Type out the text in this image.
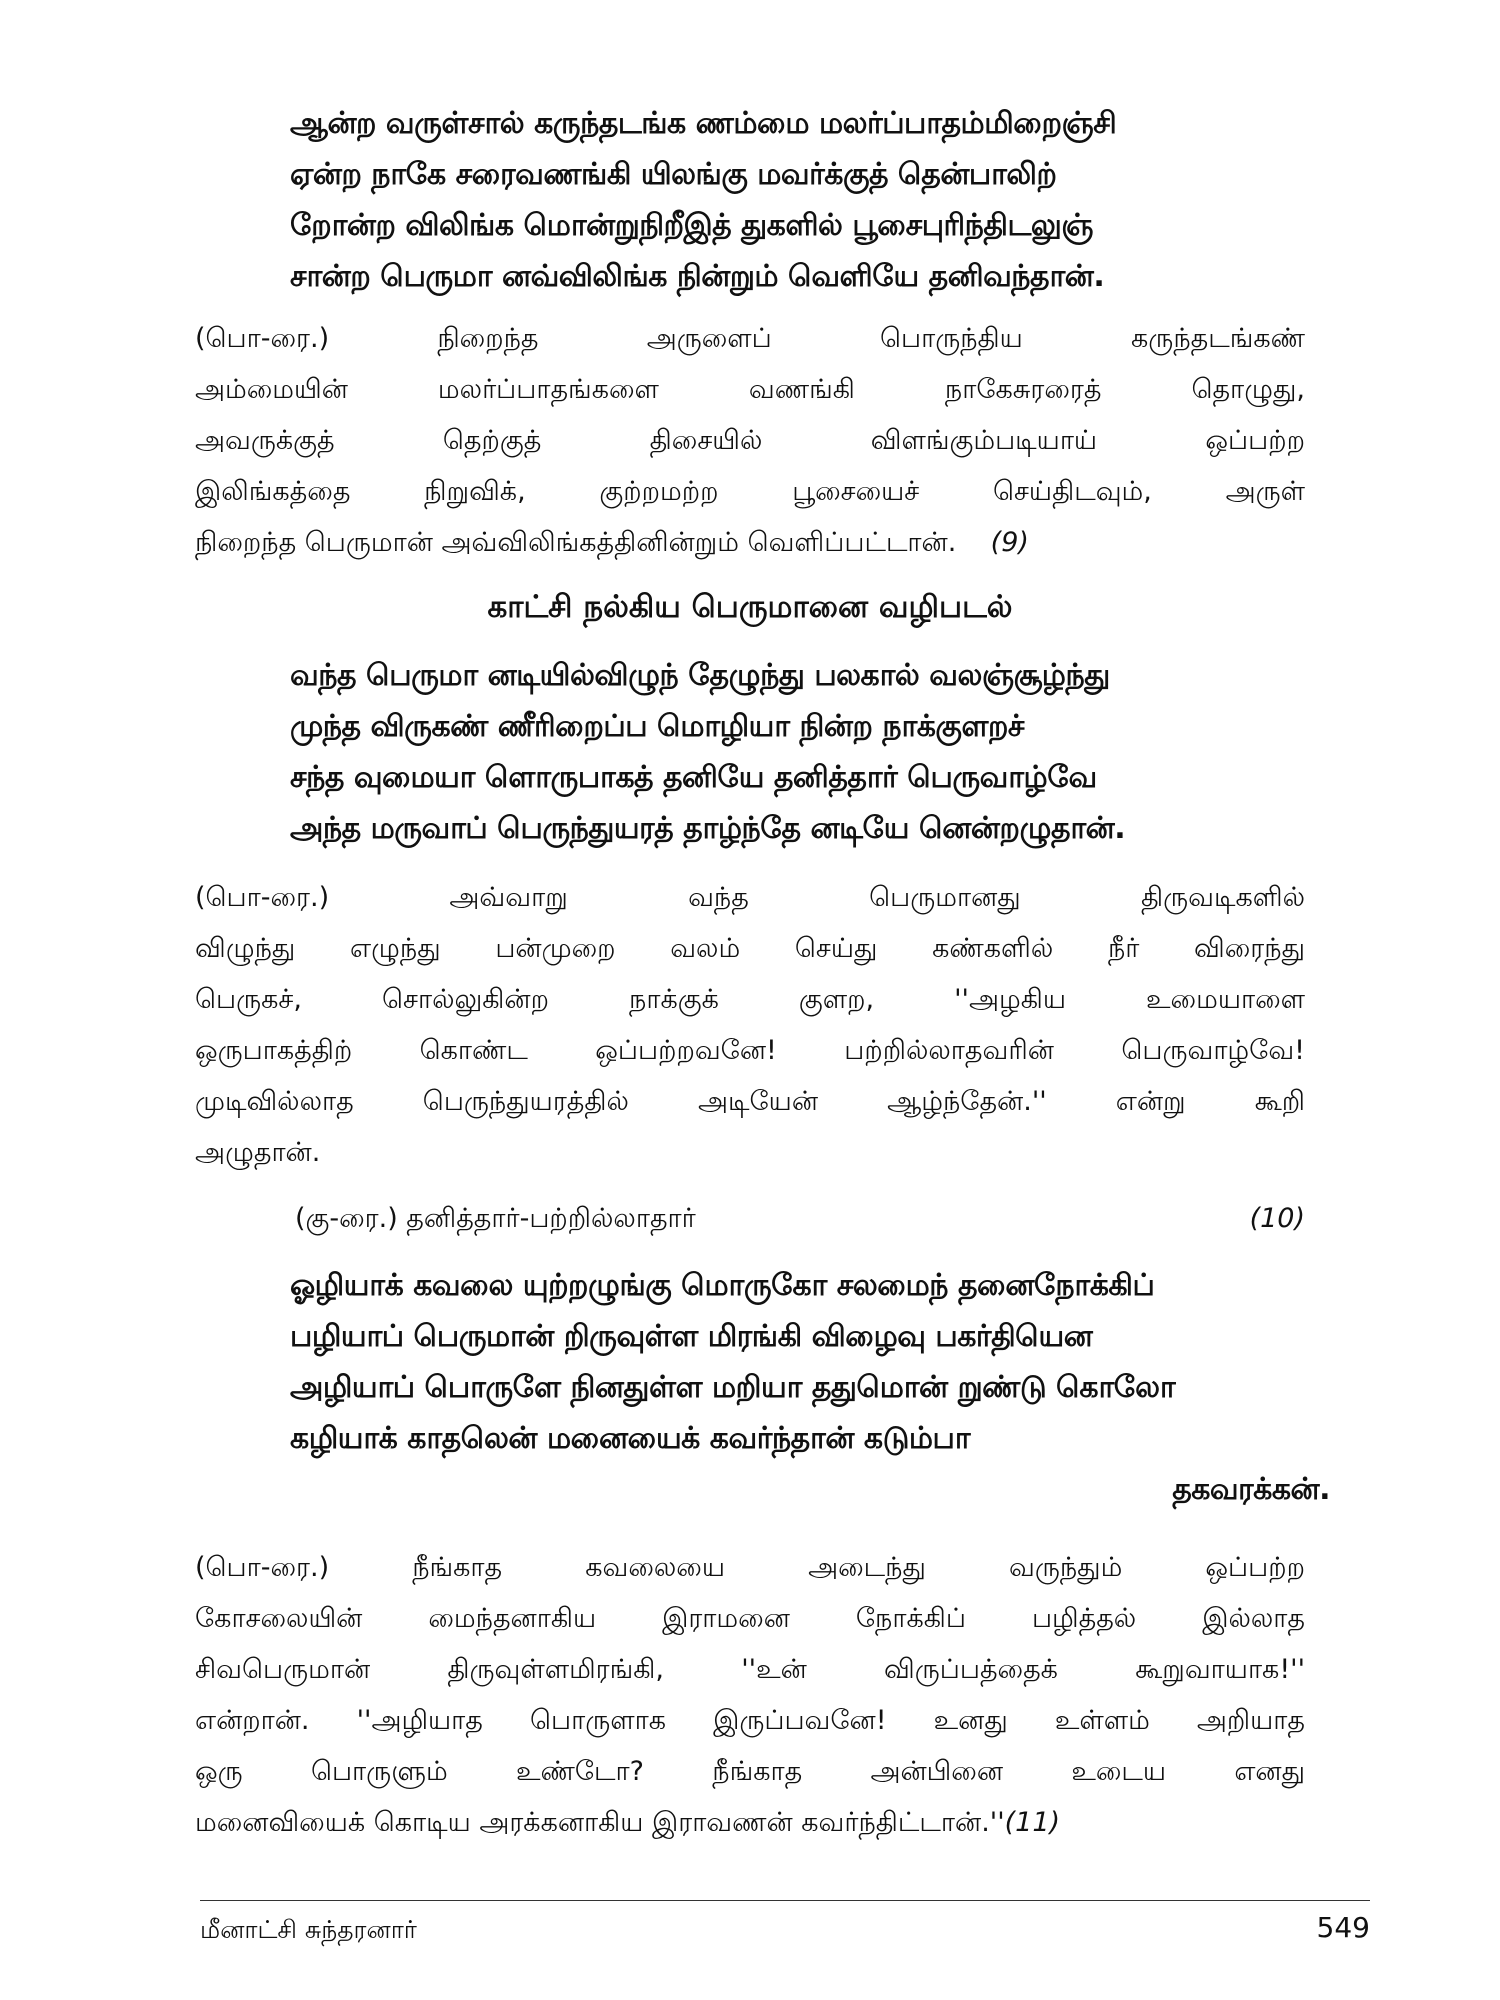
ஆன்ற வருள்சால் கருந்தடங்க ணம்மை மலர்ப்பாதம்மிறைஞ்சி
ஏன்ற நாகே சரைவணங்கி யிலங்கு மவர்க்குத் தென்பாலிற்
றோன்ற விலிங்க மொன்றுநிறீஇத் துகளில் பூசைபுரிந்திடலுஞ்
சான்ற பெருமா னவ்விலிங்க நின்றும் வெளியே தனிவந்தான்.
(பொ-ரை.) நிறைந்த அருளைப் பொருந்திய கருந்தடங்கண்
அம்மையின் மலர்ப்பாதங்களை வணங்கி நாகேசுரரைத் தொழுது,
அவருக்குத் தெற்குத் திசையில் விளங்கும்படியாய் ஒப்பற்ற
இலிங்கத்தை நிறுவிக், குற்றமற்ற பூசையைச் செய்திடவும், அருள்
நிறைந்த பெருமான் அவ்விலிங்கத்தினின்றும் வெளிப்பட்டான். (9)
காட்சி நல்கிய பெருமானை வழிபடல்
வந்த பெருமா னடியில்விழுந் தேழுந்து பலகால் வலஞ்சூழ்ந்து
முந்த விருகண் ணீரிறைப்ப மொழியா நின்ற நாக்குளறச்
சந்த வுமையா ளொருபாகத் தனியே தனித்தார் பெருவாழ்வே
அந்த மருவாப் பெருந்துயரத் தாழ்ந்தே னடியே னென்றழுதான்.
(பொ-ரை.) அவ்வாறு வந்த பெருமானது திருவடிகளில்
விழுந்து எழுந்து பன்முறை வலம் செய்து கண்களில் நீர் விரைந்து
பெருகச், சொல்லுகின்ற நாக்குக் குளற, ''அழகிய உமையாளை
ஒருபாகத்திற் கொண்ட ஒப்பற்றவனே! பற்றில்லாதவரின் பெருவாழ்வே!
முடிவில்லாத பெருந்துயரத்தில் அடியேன் ஆழ்ந்தேன்.'' என்று கூறி
அழுதான்.
(கு-ரை.) தனித்தார்-பற்றில்லாதார்	(10)
ஓழியாக் கவலை யுற்றழுங்கு மொருகோ சலமைந் தனைநோக்கிப்
பழியாப் பெருமான் றிருவுள்ள மிரங்கி விழைவு பகர்தியென
அழியாப் பொருளே நினதுள்ள மறியா ததுமொன் றுண்டு கொலோ
கழியாக் காதலென் மனையைக் கவர்ந்தான் கடும்பா
தகவரக்கன்.
(பொ-ரை.) நீங்காத கவலையை அடைந்து வருந்தும் ஒப்பற்ற
கோசலையின் மைந்தனாகிய இராமனை நோக்கிப் பழித்தல் இல்லாத
சிவபெருமான் திருவுள்ளமிரங்கி, ''உன் விருப்பத்தைக் கூறுவாயாக!''
என்றான். ''அழியாத பொருளாக இருப்பவனே! உனது உள்ளம் அறியாத
ஒரு பொருளும் உண்டோ? நீங்காத அன்பினை உடைய எனது
மனைவியைக் கொடிய அரக்கனாகிய இராவணன் கவர்ந்திட்டான்.''(11)
மீனாட்சி சுந்தரனார்	549
